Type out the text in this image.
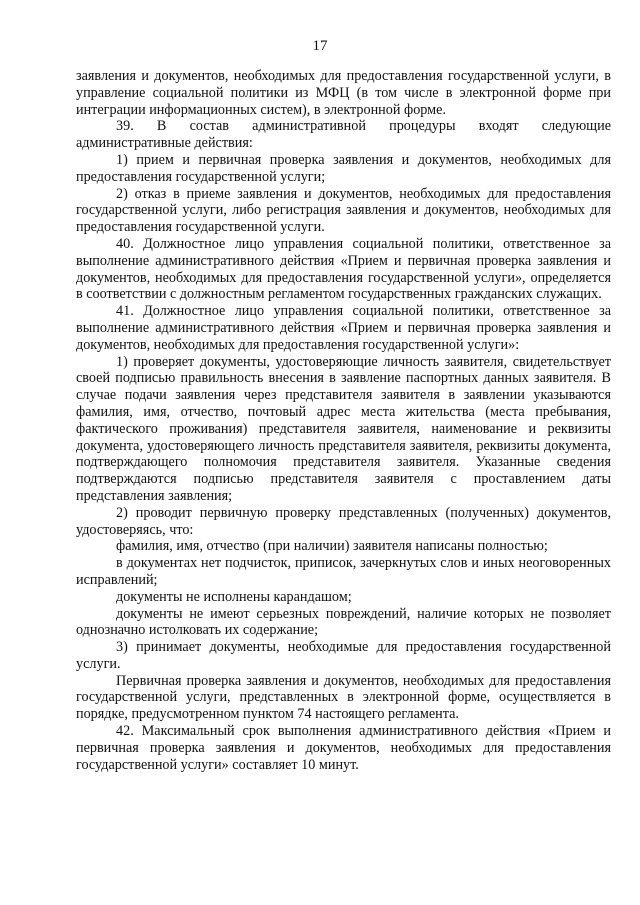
17

заявления и документов, необходимых для предоставления государственной услуги, в управление социальной политики из МФЦ (в том числе в электронной форме при интеграции информационных систем), в электронной форме.

39. В состав административной процедуры входят следующие административные действия:

1) прием и первичная проверка заявления и документов, необходимых для предоставления государственной услуги;

2) отказ в приеме заявления и документов, необходимых для предоставления государственной услуги, либо регистрация заявления и документов, необходимых для предоставления государственной услуги.

40. Должностное лицо управления социальной политики, ответственное за выполнение административного действия «Прием и первичная проверка заявления и документов, необходимых для предоставления государственной услуги», определяется в соответствии с должностным регламентом государственных гражданских служащих.

41. Должностное лицо управления социальной политики, ответственное за выполнение административного действия «Прием и первичная проверка заявления и документов, необходимых для предоставления государственной услуги»:

1) проверяет документы, удостоверяющие личность заявителя, свидетельствует своей подписью правильность внесения в заявление паспортных данных заявителя. В случае подачи заявления через представителя заявителя в заявлении указываются фамилия, имя, отчество, почтовый адрес места жительства (места пребывания, фактического проживания) представителя заявителя, наименование и реквизиты документа, удостоверяющего личность представителя заявителя, реквизиты документа, подтверждающего полномочия представителя заявителя. Указанные сведения подтверждаются подписью представителя заявителя с проставлением даты представления заявления;

2) проводит первичную проверку представленных (полученных) документов, удостоверяясь, что:

фамилия, имя, отчество (при наличии) заявителя написаны полностью;

в документах нет подчисток, приписок, зачеркнутых слов и иных неоговоренных исправлений;

документы не исполнены карандашом;

документы не имеют серьезных повреждений, наличие которых не позволяет однозначно истолковать их содержание;

3) принимает документы, необходимые для предоставления государственной услуги.

Первичная проверка заявления и документов, необходимых для предоставления государственной услуги, представленных в электронной форме, осуществляется в порядке, предусмотренном пунктом 74 настоящего регламента.

42. Максимальный срок выполнения административного действия «Прием и первичная проверка заявления и документов, необходимых для предоставления государственной услуги» составляет 10 минут.
